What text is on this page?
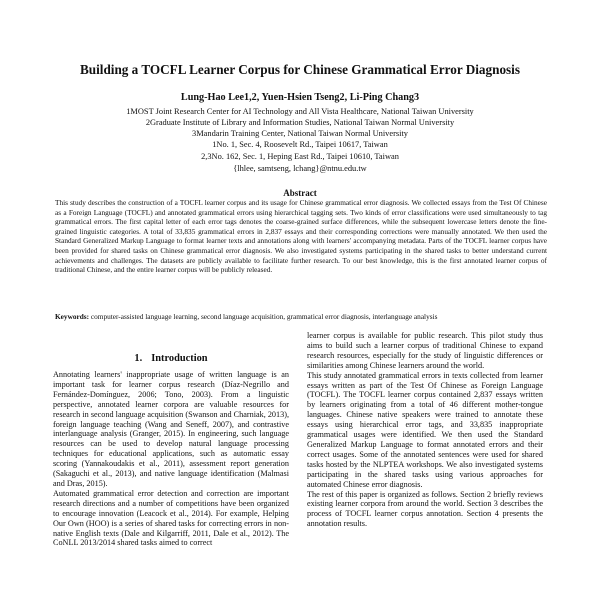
Building a TOCFL Learner Corpus for Chinese Grammatical Error Diagnosis
Lung-Hao Lee1,2, Yuen-Hsien Tseng2, Li-Ping Chang3
1MOST Joint Research Center for AI Technology and All Vista Healthcare, National Taiwan University
2Graduate Institute of Library and Information Studies, National Taiwan Normal University
3Mandarin Training Center, National Taiwan Normal University
1No. 1, Sec. 4, Roosevelt Rd., Taipei 10617, Taiwan
2,3No. 162, Sec. 1, Heping East Rd., Taipei 10610, Taiwan
{lhlee, samtseng, lchang}@ntnu.edu.tw
Abstract
This study describes the construction of a TOCFL learner corpus and its usage for Chinese grammatical error diagnosis. We collected essays from the Test Of Chinese as a Foreign Language (TOCFL) and annotated grammatical errors using hierarchical tagging sets. Two kinds of error classifications were used simultaneously to tag grammatical errors. The first capital letter of each error tags denotes the coarse-grained surface differences, while the subsequent lowercase letters denote the fine-grained linguistic categories. A total of 33,835 grammatical errors in 2,837 essays and their corresponding corrections were manually annotated. We then used the Standard Generalized Markup Language to format learner texts and annotations along with learners' accompanying metadata. Parts of the TOCFL learner corpus have been provided for shared tasks on Chinese grammatical error diagnosis. We also investigated systems participating in the shared tasks to better understand current achievements and challenges. The datasets are publicly available to facilitate further research. To our best knowledge, this is the first annotated learner corpus of traditional Chinese, and the entire learner corpus will be publicly released.
Keywords: computer-assisted language learning, second language acquisition, grammatical error diagnosis, interlanguage analysis
1. Introduction

Annotating learners' inappropriate usage of written language is an important task for learner corpus research (Díaz-Negrillo and Fernández-Domínguez, 2006; Tono, 2003). From a linguistic perspective, annotated learner corpora are valuable resources for research in second language acquisition (Swanson and Charniak, 2013), foreign language teaching (Wang and Seneff, 2007), and contrastive interlanguage analysis (Granger, 2015). In engineering, such language resources can be used to develop natural language processing techniques for educational applications, such as automatic essay scoring (Yannakoudakis et al., 2011), assessment report generation (Sakaguchi et al., 2013), and native language identification (Malmasi and Dras, 2015).

Automated grammatical error detection and correction are important research directions and a number of competitions have been organized to encourage innovation (Leacock et al., 2014). For example, Helping Our Own (HOO) is a series of shared tasks for correcting errors in non-native English texts (Dale and Kilgarriff, 2011, Dale et al., 2012). The CoNLL 2013/2014 shared tasks aimed to correct

learner corpus is available for public research. This pilot study thus aims to build such a learner corpus of traditional Chinese to expand research resources, especially for the study of linguistic differences or similarities among Chinese learners around the world.

This study annotated grammatical errors in texts collected from learner essays written as part of the Test Of Chinese as Foreign Language (TOCFL). The TOCFL learner corpus contained 2,837 essays written by learners originating from a total of 46 different mother-tongue languages. Chinese native speakers were trained to annotate these essays using hierarchical error tags, and 33,835 inappropriate grammatical usages were identified. We then used the Standard Generalized Markup Language to format annotated errors and their correct usages. Some of the annotated sentences were used for shared tasks hosted by the NLPTEA workshops. We also investigated systems participating in the shared tasks using various approaches for automated Chinese error diagnosis.

The rest of this paper is organized as follows. Section 2 briefly reviews existing learner corpora from around the world. Section 3 describes the process of TOCFL learner corpus annotation. Section 4 presents the annotation results.
